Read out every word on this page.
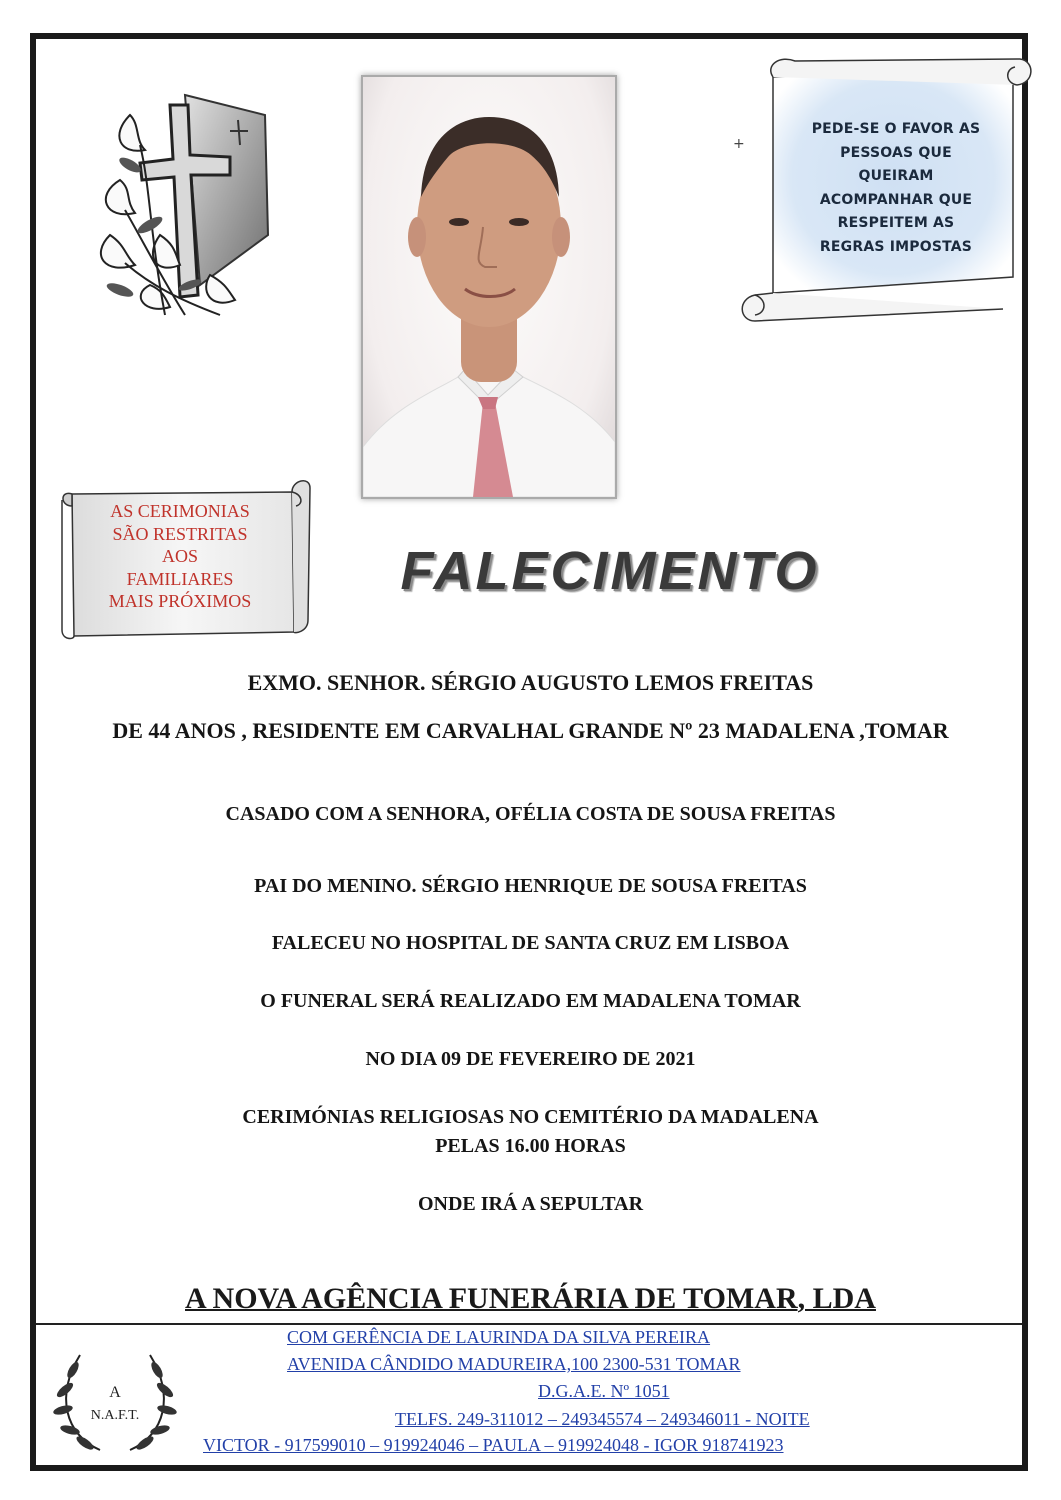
+
PEDE-SE O FAVOR AS
PESSOAS QUE
QUEIRAM
ACOMPANHAR QUE
RESPEITEM AS
REGRAS IMPOSTAS
AS CERIMONIAS
SÃO RESTRITAS
AOS
FAMILIARES
MAIS PRÓXIMOS	FALECIMENTO
EXMO. SENHOR. SÉRGIO AUGUSTO LEMOS FREITAS
DE 44 ANOS , RESIDENTE EM CARVALHAL GRANDE Nº 23 MADALENA ,TOMAR
CASADO COM A SENHORA, OFÉLIA COSTA DE SOUSA FREITAS
PAI DO MENINO. SÉRGIO HENRIQUE DE SOUSA FREITAS
FALECEU NO HOSPITAL DE SANTA CRUZ EM LISBOA
O FUNERAL SERÁ REALIZADO EM MADALENA TOMAR
NO DIA 09 DE FEVEREIRO DE 2021
CERIMÓNIAS RELIGIOSAS NO CEMITÉRIO DA MADALENA
PELAS 16.00 HORAS
ONDE IRÁ A SEPULTAR
A NOVA AGÊNCIA FUNERÁRIA DE TOMAR, LDA
A
N.A.F.T.
COM GERÊNCIA DE LAURINDA DA SILVA PEREIRA
AVENIDA CÂNDIDO MADUREIRA,100 2300-531 TOMAR
D.G.A.E. Nº 1051
TELFS. 249-311012 – 249345574 – 249346011 - NOITE
VICTOR - 917599010 – 919924046 – PAULA – 919924048 - IGOR 918741923
